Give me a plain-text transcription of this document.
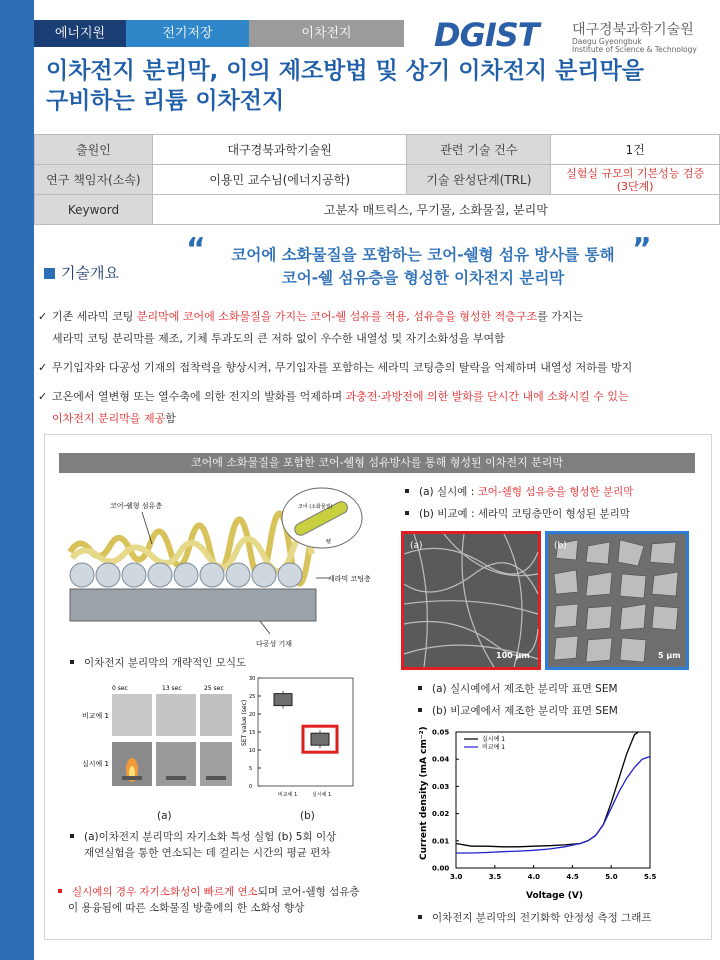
에너지원	전기저장	이차전지	DGIST 대구경북과학기술원
Daegu Gyeongbuk
Institute of Science & Technology
이차전지 분리막, 이의 제조방법 및 상기 이차전지 분리막을
구비하는 리튬 이차전지
출원인	대구경북과학기술원	관련 기술 건수	1건
연구 책임자(소속)	이용민 교수님(에너지공학)	기술 완성단계(TRL)	실험실 규모의 기본성능 검증
(3단계)
Keyword	고분자 매트릭스, 무기물, 소화물질, 분리막		
기술개요
“	”
코어에 소화물질을 포함하는 코어-쉘형 섬유 방사를 통해
코어-쉘 섬유층을 형성한 이차전지 분리막
✓ 기존 세라믹 코팅 분리막에 코어에 소화물질을 가지는 코어-쉘 섬유를 적용, 섬유층을 형성한 적층구조를 가지는
세라믹 코팅 분리막를 제조, 기체 투과도의 큰 저하 없이 우수한 내열성 및 자기소화성을 부여함
✓ 무기입자와 다공성 기재의 접착력을 향상시켜, 무기입자를 포함하는 세라믹 코팅층의 탈락을 억제하며 내열성 저하를 방지
✓ 고온에서 열변형 또는 열수축에 의한 전지의 발화를 억제하며 과충전·과방전에 의한 발화를 단시간 내에 소화시킬 수 있는
이차전지 분리막을 제공함
코어에 소화물질을 포함한 코어-쉘형 섬유방사를 통해 형성된 이차전지 분리막
코어-쉘형 섬유층	코어 (소화물질)
쉘
세라믹 코팅층
다공성 기재
이차전지 분리막의 개략적인 모식도
(a) 실시예 : 코어-쉘형 섬유층을 형성한 분리막
(b) 비교예 : 세라믹 코팅층만이 형성된 분리막
(a)
100 μm
(b)
5 μm
(a) 실시예에서 제조한 분리막 표면 SEM
(b) 비교예에서 제조한 분리막 표면 SEM
0 sec	13 sec	25 sec
비교예 1
실시예 1
SET value (sec)
0
5
10
15
20
25
30
비교예 1	실시예 1
(a)	(b)
(a)이차전지 분리막의 자기소화 특성 실험 (b) 5회 이상
재연실험을 통한 연소되는 데 걸리는 시간의 평균 편차
실시예의 경우 자기소화성이 빠르게 연소되며 코어-쉘형 섬유층
이 용융됨에 따른 소화물질 방출에의 한 소화성 향상
3.0	3.5	4.0	4.5	5.0	5.5
0.00
0.01
0.02
0.03
0.04
0.05
실시예 1
비교예 1
Voltage (V)
Current density (mA cm⁻²)
이차전지 분리막의 전기화학 안정성 측정 그래프
